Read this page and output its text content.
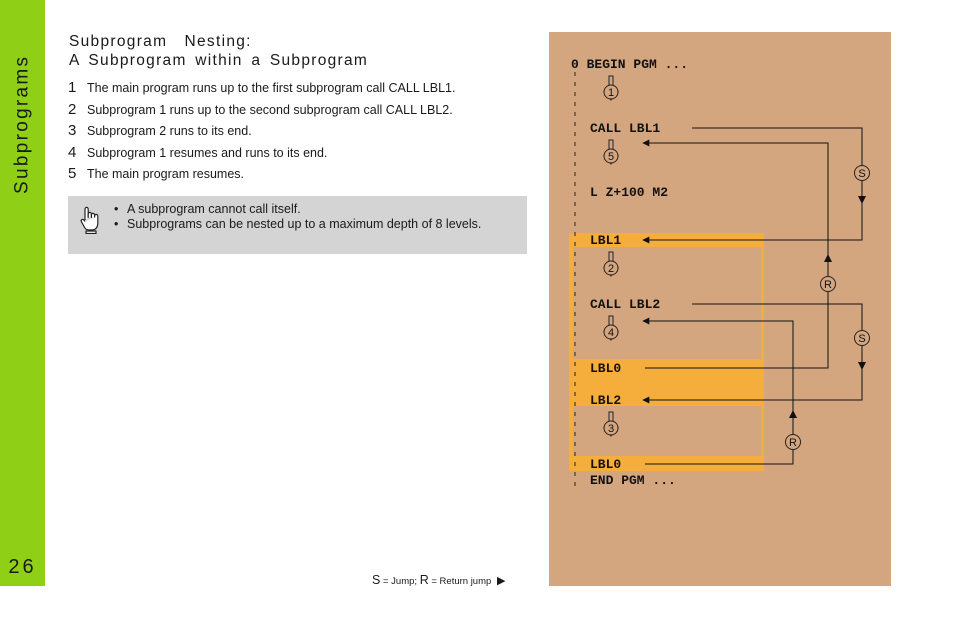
Subprograms
26
Subprogram  Nesting:
A Subprogram within a Subprogram
1 The main program runs up to the first subprogram call CALL LBL1.
2 Subprogram 1 runs up to the second subprogram call CALL LBL2.
3 Subprogram 2 runs to its end.
4 Subprogram 1 resumes and runs to its end.
5 The main program resumes.
• A subprogram cannot call itself.
• Subprograms can be nested up to a maximum depth of 8 levels.
S = Jump; R = Return jump ▶
1
5
2
4
3
S
S
R
R
0 BEGIN PGM ...
CALL LBL1
L Z+100 M2
LBL1
CALL LBL2
LBL0
LBL2
LBL0
END PGM ...
